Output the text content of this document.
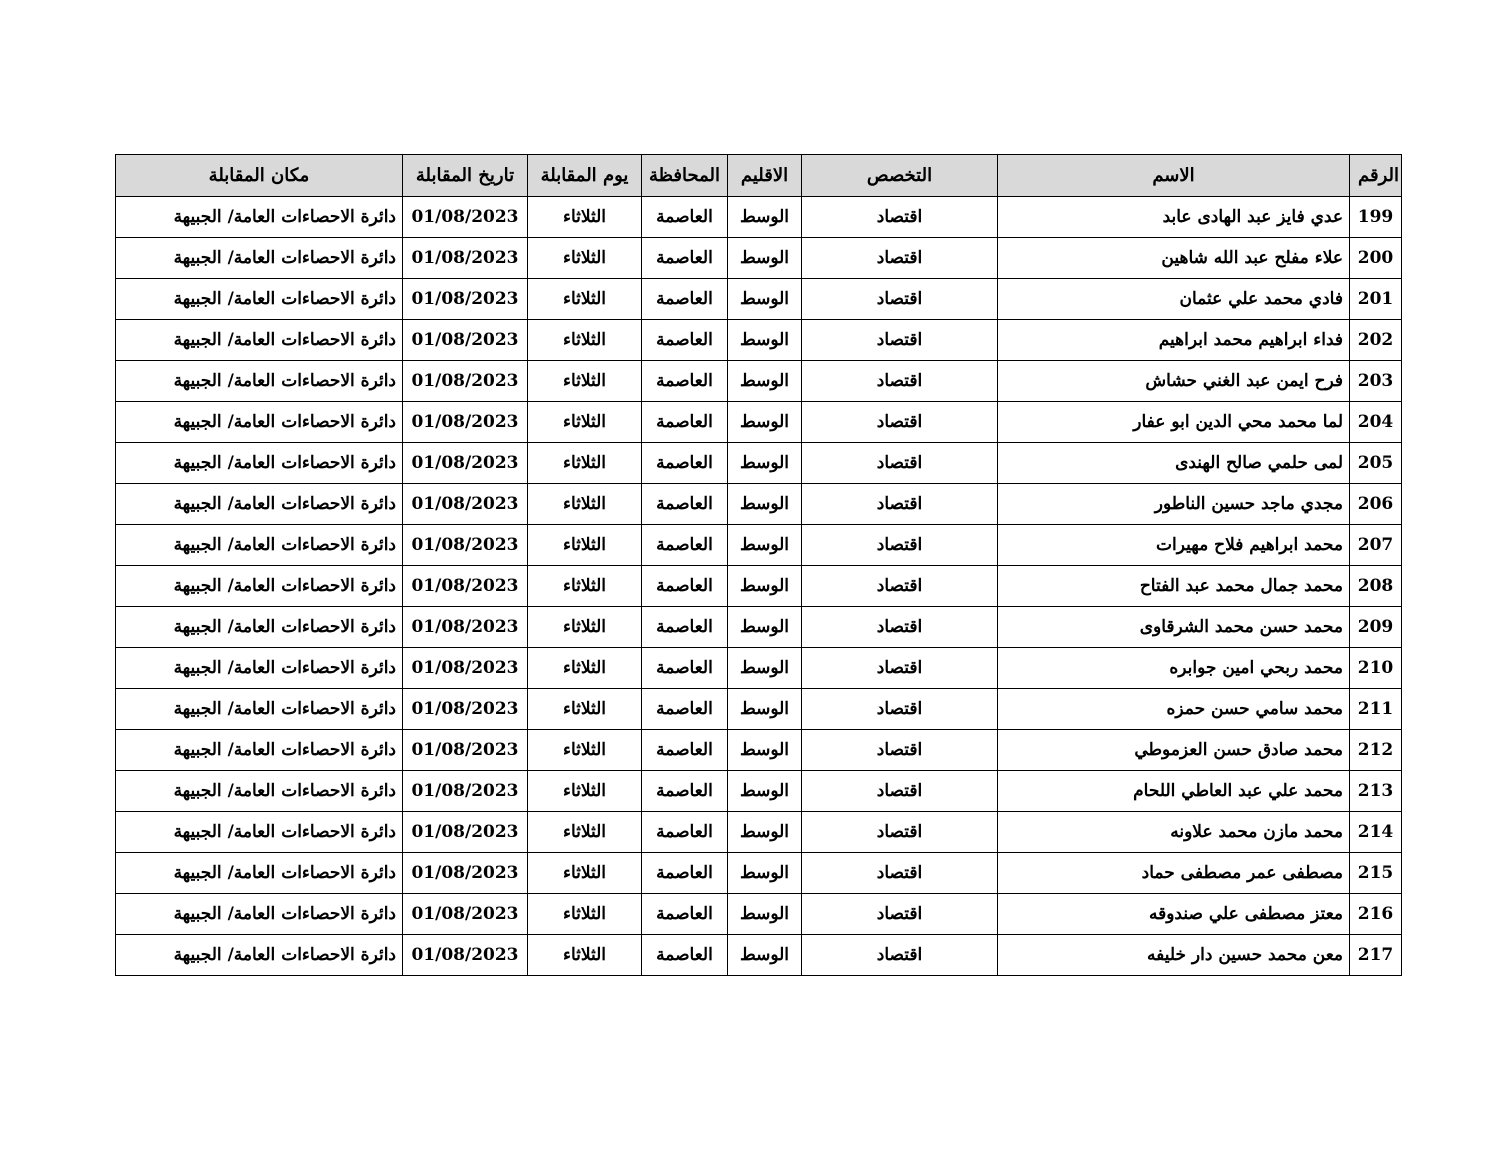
الرقم	الاسم	التخصص	الاقليم	المحافظة	يوم المقابلة	تاريخ المقابلة	مكان المقابلة
199	عدي فايز عبد الهادى عابد	اقتصاد	الوسط	العاصمة	الثلاثاء	01/08/2023	دائرة الاحصاءات العامة/ الجبيهة
200	علاء مفلح عبد الله شاهين	اقتصاد	الوسط	العاصمة	الثلاثاء	01/08/2023	دائرة الاحصاءات العامة/ الجبيهة
201	فادي محمد علي عثمان	اقتصاد	الوسط	العاصمة	الثلاثاء	01/08/2023	دائرة الاحصاءات العامة/ الجبيهة
202	فداء ابراهيم محمد ابراهيم	اقتصاد	الوسط	العاصمة	الثلاثاء	01/08/2023	دائرة الاحصاءات العامة/ الجبيهة
203	فرح ايمن عبد الغني حشاش	اقتصاد	الوسط	العاصمة	الثلاثاء	01/08/2023	دائرة الاحصاءات العامة/ الجبيهة
204	لما محمد محي الدين ابو عفار	اقتصاد	الوسط	العاصمة	الثلاثاء	01/08/2023	دائرة الاحصاءات العامة/ الجبيهة
205	لمى حلمي صالح الهندى	اقتصاد	الوسط	العاصمة	الثلاثاء	01/08/2023	دائرة الاحصاءات العامة/ الجبيهة
206	مجدي ماجد حسين الناطور	اقتصاد	الوسط	العاصمة	الثلاثاء	01/08/2023	دائرة الاحصاءات العامة/ الجبيهة
207	محمد ابراهيم فلاح مهيرات	اقتصاد	الوسط	العاصمة	الثلاثاء	01/08/2023	دائرة الاحصاءات العامة/ الجبيهة
208	محمد جمال محمد عبد الفتاح	اقتصاد	الوسط	العاصمة	الثلاثاء	01/08/2023	دائرة الاحصاءات العامة/ الجبيهة
209	محمد حسن محمد الشرقاوى	اقتصاد	الوسط	العاصمة	الثلاثاء	01/08/2023	دائرة الاحصاءات العامة/ الجبيهة
210	محمد ربحي امين جوابره	اقتصاد	الوسط	العاصمة	الثلاثاء	01/08/2023	دائرة الاحصاءات العامة/ الجبيهة
211	محمد سامي حسن حمزه	اقتصاد	الوسط	العاصمة	الثلاثاء	01/08/2023	دائرة الاحصاءات العامة/ الجبيهة
212	محمد صادق حسن العزموطي	اقتصاد	الوسط	العاصمة	الثلاثاء	01/08/2023	دائرة الاحصاءات العامة/ الجبيهة
213	محمد علي عبد العاطي اللحام	اقتصاد	الوسط	العاصمة	الثلاثاء	01/08/2023	دائرة الاحصاءات العامة/ الجبيهة
214	محمد مازن محمد علاونه	اقتصاد	الوسط	العاصمة	الثلاثاء	01/08/2023	دائرة الاحصاءات العامة/ الجبيهة
215	مصطفى عمر مصطفى حماد	اقتصاد	الوسط	العاصمة	الثلاثاء	01/08/2023	دائرة الاحصاءات العامة/ الجبيهة
216	معتز مصطفى علي صندوقه	اقتصاد	الوسط	العاصمة	الثلاثاء	01/08/2023	دائرة الاحصاءات العامة/ الجبيهة
217	معن محمد حسين دار خليفه	اقتصاد	الوسط	العاصمة	الثلاثاء	01/08/2023	دائرة الاحصاءات العامة/ الجبيهة
